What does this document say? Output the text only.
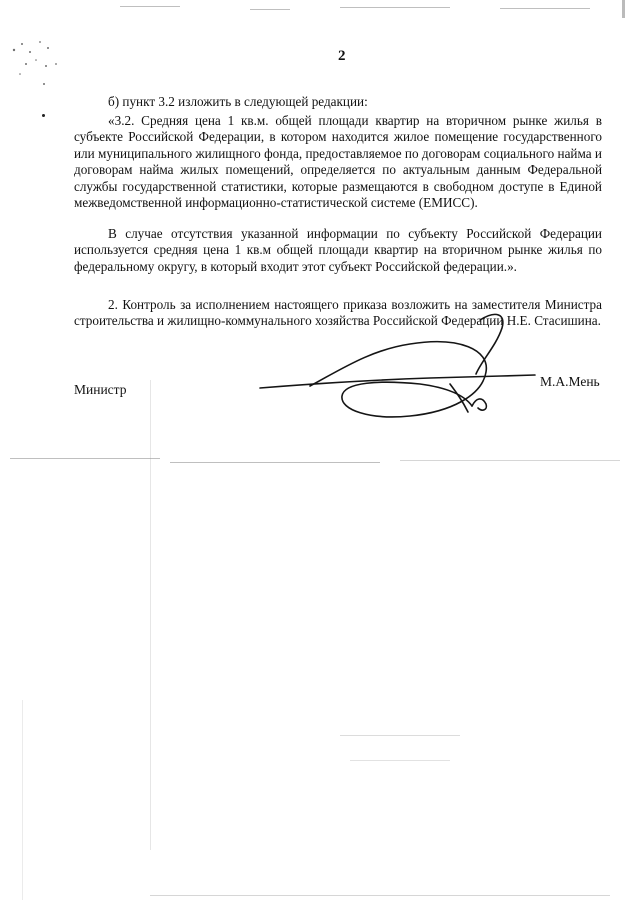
2
б) пункт 3.2 изложить в следующей редакции:
«3.2. Средняя цена 1 кв.м. общей площади квартир на вторичном рынке жилья в субъекте Российской Федерации, в котором находится жилое помещение государственного или муниципального жилищного фонда, предоставляемое по договорам социального найма и договорам найма жилых помещений, определяется по актуальным данным Федеральной службы государственной статистики, которые размещаются в свободном доступе в Единой межведомственной информационно-статистической системе (ЕМИСС).
В случае отсутствия указанной информации по субъекту Российской Федерации используется средняя цена 1 кв.м общей площади квартир на вторичном рынке жилья по федеральному округу, в который входит этот субъект Российской федерации.».
2. Контроль за исполнением настоящего приказа возложить на заместителя Министра строительства и жилищно-коммунального хозяйства Российской Федерации Н.Е. Стасишина.
Министр
М.А.Мень
